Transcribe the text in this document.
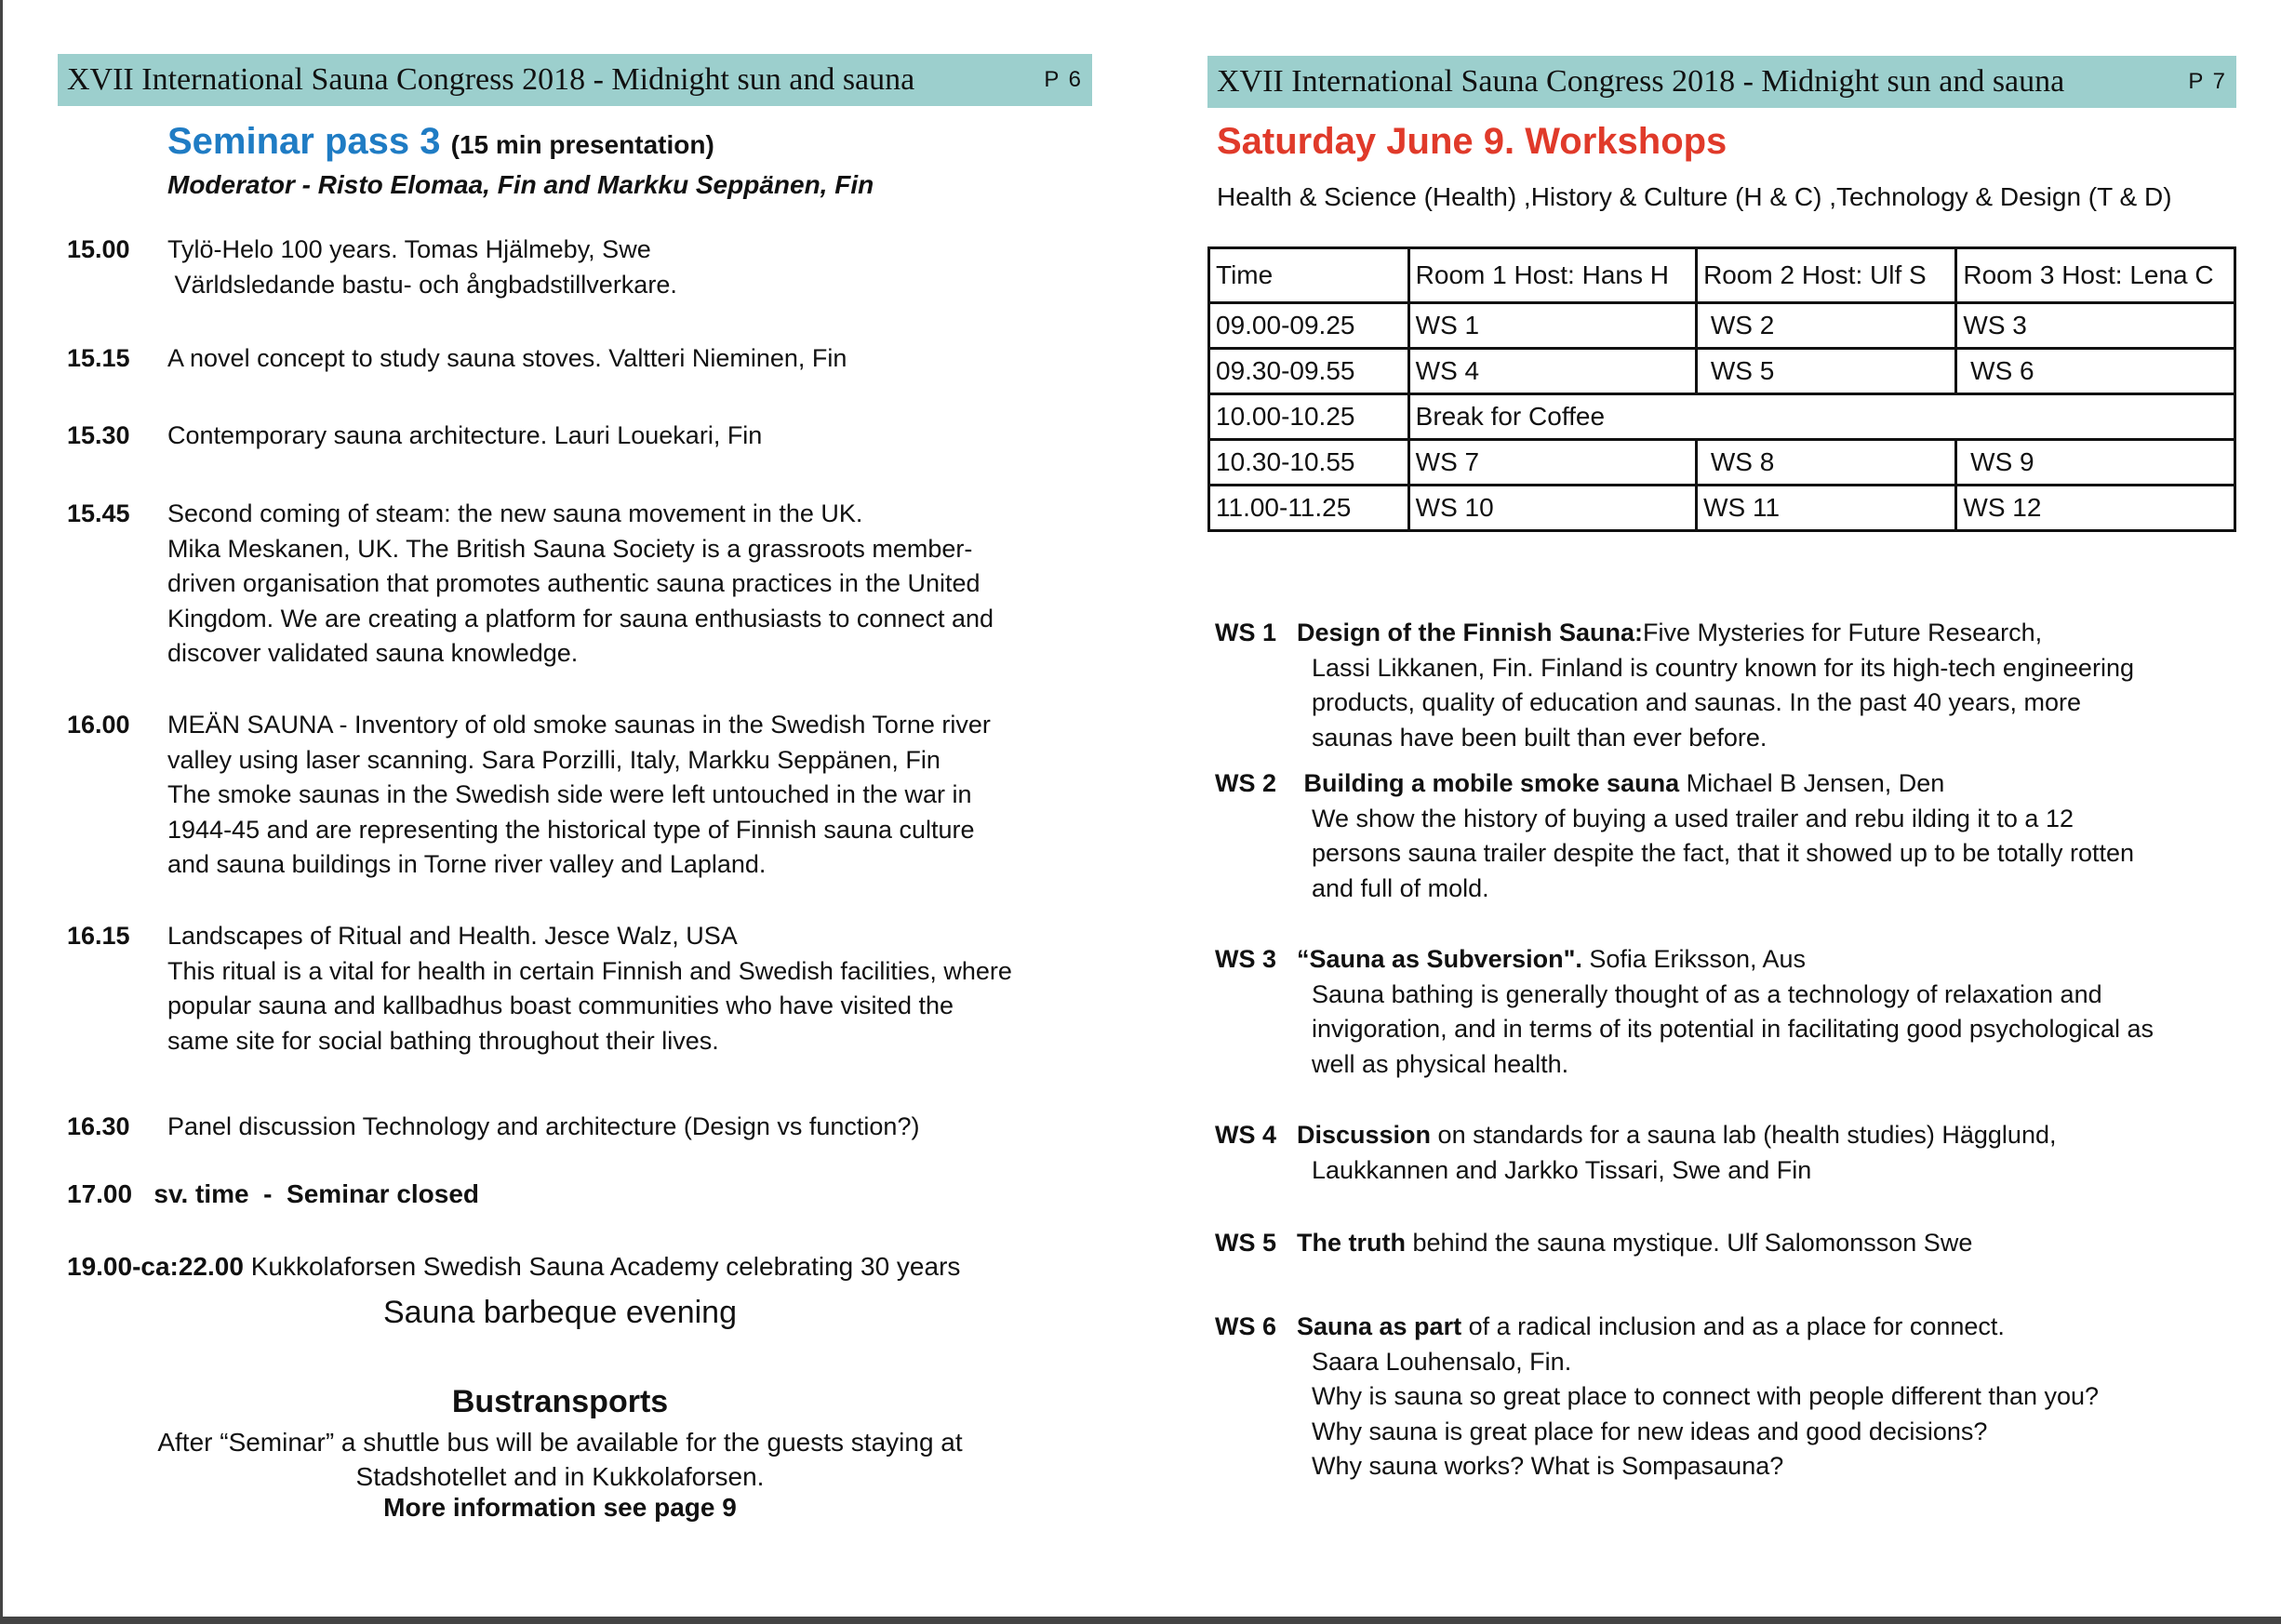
XVII International Sauna Congress 2018 - Midnight sun and sauna	P 6
Seminar pass 3 (15 min presentation)
Moderator - Risto Elomaa, Fin and Markku Seppänen, Fin
15.00 Tylö-Helo 100 years. Tomas Hjälmeby, Swe
Världsledande bastu- och ångbadstillverkare.
15.15 A novel concept to study sauna stoves. Valtteri Nieminen, Fin
15.30 Contemporary sauna architecture. Lauri Louekari, Fin
15.45 Second coming of steam: the new sauna movement in the UK.
Mika Meskanen, UK. The British Sauna Society is a grassroots member-
driven organisation that promotes authentic sauna practices in the United
Kingdom. We are creating a platform for sauna enthusiasts to connect and
discover validated sauna knowledge.
16.00 MEÄN SAUNA - Inventory of old smoke saunas in the Swedish Torne river
valley using laser scanning. Sara Porzilli, Italy, Markku Seppänen, Fin
The smoke saunas in the Swedish side were left untouched in the war in
1944-45 and are representing the historical type of Finnish sauna culture
and sauna buildings in Torne river valley and Lapland.
16.15 Landscapes of Ritual and Health. Jesce Walz, USA
This ritual is a vital for health in certain Finnish and Swedish facilities, where
popular sauna and kallbadhus boast communities who have visited the
same site for social bathing throughout their lives.
16.30 Panel discussion Technology and architecture (Design vs function?)
17.00   sv. time  -  Seminar closed
19.00-ca:22.00 Kukkolaforsen Swedish Sauna Academy celebrating 30 years
Sauna barbeque evening
Bustransports
After “Seminar” a shuttle bus will be available for the guests staying at
Stadshotellet and in Kukkolaforsen.
More information see page 9
XVII International Sauna Congress 2018 - Midnight sun and sauna	P 7
Saturday June 9. Workshops
Health & Science (Health) ,History & Culture (H & C) ,Technology & Design (T & D)
Time	Room 1 Host: Hans H	Room 2 Host: Ulf S	Room 3 Host: Lena C
09.00-09.25	WS 1	WS 2	WS 3
09.30-09.55	WS 4	WS 5	WS 6
10.00-10.25	Break for Coffee		
10.30-10.55	WS 7	WS 8	WS 9
11.00-11.25	WS 10	WS 11	WS 12
WS 1 Design of the Finnish Sauna:Five Mysteries for Future Research,
Lassi Likkanen, Fin. Finland is country known for its high-tech engineering
products, quality of education and saunas. In the past 40 years, more
saunas have been built than ever before.
WS 2 Building a mobile smoke sauna Michael B Jensen, Den
We show the history of buying a used trailer and rebu ilding it to a 12
persons sauna trailer despite the fact, that it showed up to be totally rotten
and full of mold.
WS 3 “Sauna as Subversion". Sofia Eriksson, Aus
Sauna bathing is generally thought of as a technology of relaxation and
invigoration, and in terms of its potential in facilitating good psychological as
well as physical health.
WS 4 Discussion on standards for a sauna lab (health studies) Hägglund,
Laukkannen and Jarkko Tissari, Swe and Fin
WS 5 The truth behind the sauna mystique. Ulf Salomonsson Swe
WS 6 Sauna as part of a radical inclusion and as a place for connect.
Saara Louhensalo, Fin.
Why is sauna so great place to connect with people different than you?
Why sauna is great place for new ideas and good decisions?
Why sauna works? What is Sompasauna?
